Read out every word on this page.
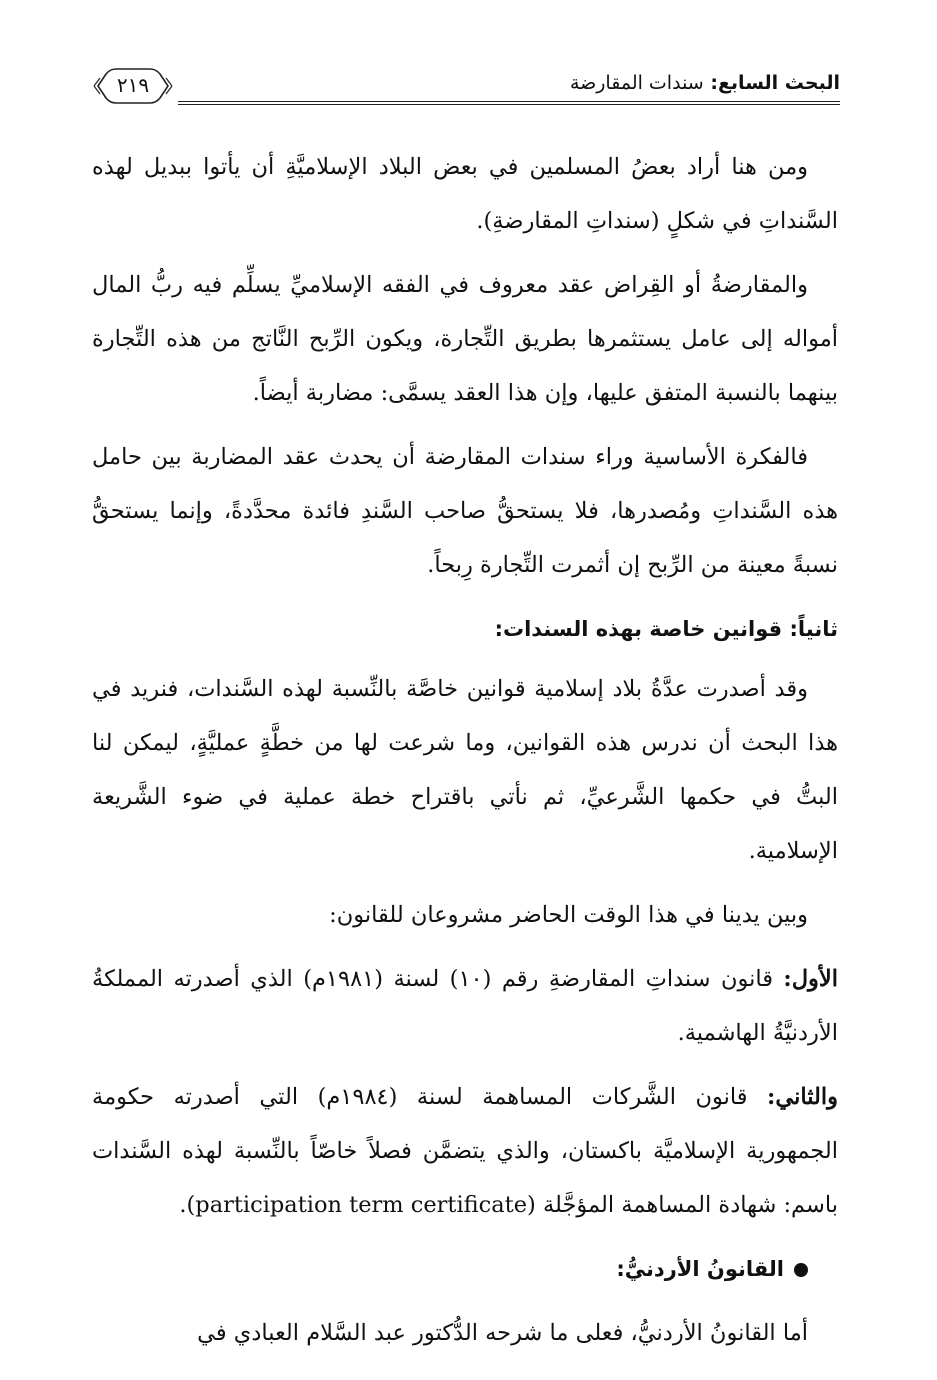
البحث السابع: سندات المقارضة
٢١٩

ومن هنا أراد بعضُ المسلمين في بعض البلاد الإسلاميَّةِ أن يأتوا ببديل لهذه السَّنداتِ في شكلٍ (سنداتِ المقارضةِ).

والمقارضةُ أو القِراض عقد معروف في الفقه الإسلاميِّ يسلِّم فيه ربُّ المال أمواله إلى عامل يستثمرها بطريق التِّجارة، ويكون الرِّبح النَّاتج من هذه التِّجارة بينهما بالنسبة المتفق عليها، وإن هذا العقد يسمَّى: مضاربة أيضاً.

فالفكرة الأساسية وراء سندات المقارضة أن يحدث عقد المضاربة بين حامل هذه السَّنداتِ ومُصدرها، فلا يستحقُّ صاحب السَّندِ فائدة محدَّدةً، وإنما يستحقُّ نسبةً معينة من الرِّبح إن أثمرت التِّجارة رِبحاً.

ثانياً: قوانين خاصة بهذه السندات:

وقد أصدرت عدَّةُ بلاد إسلامية قوانين خاصَّة بالنِّسبة لهذه السَّندات، فنريد في هذا البحث أن ندرس هذه القوانين، وما شرعت لها من خطَّةٍ عمليَّةٍ، ليمكن لنا البتُّ في حكمها الشَّرعيِّ، ثم نأتي باقتراح خطة عملية في ضوء الشَّريعة الإسلامية.

وبين يدينا في هذا الوقت الحاضر مشروعان للقانون:

الأول: قانون سنداتِ المقارضةِ رقم (١٠) لسنة (١٩٨١م) الذي أصدرته المملكةُ الأردنيَّةُ الهاشمية.

والثاني: قانون الشَّركات المساهمة لسنة (١٩٨٤م) التي أصدرته حكومة الجمهورية الإسلاميَّة باكستان، والذي يتضمَّن فصلاً خاصّاً بالنِّسبة لهذه السَّندات باسم: شهادة المساهمة المؤجَّلة (participation term certificate).

القانونُ الأردنيُّ:

أما القانونُ الأردنيُّ، فعلى ما شرحه الدُّكتور عبد السَّلام العبادي في
